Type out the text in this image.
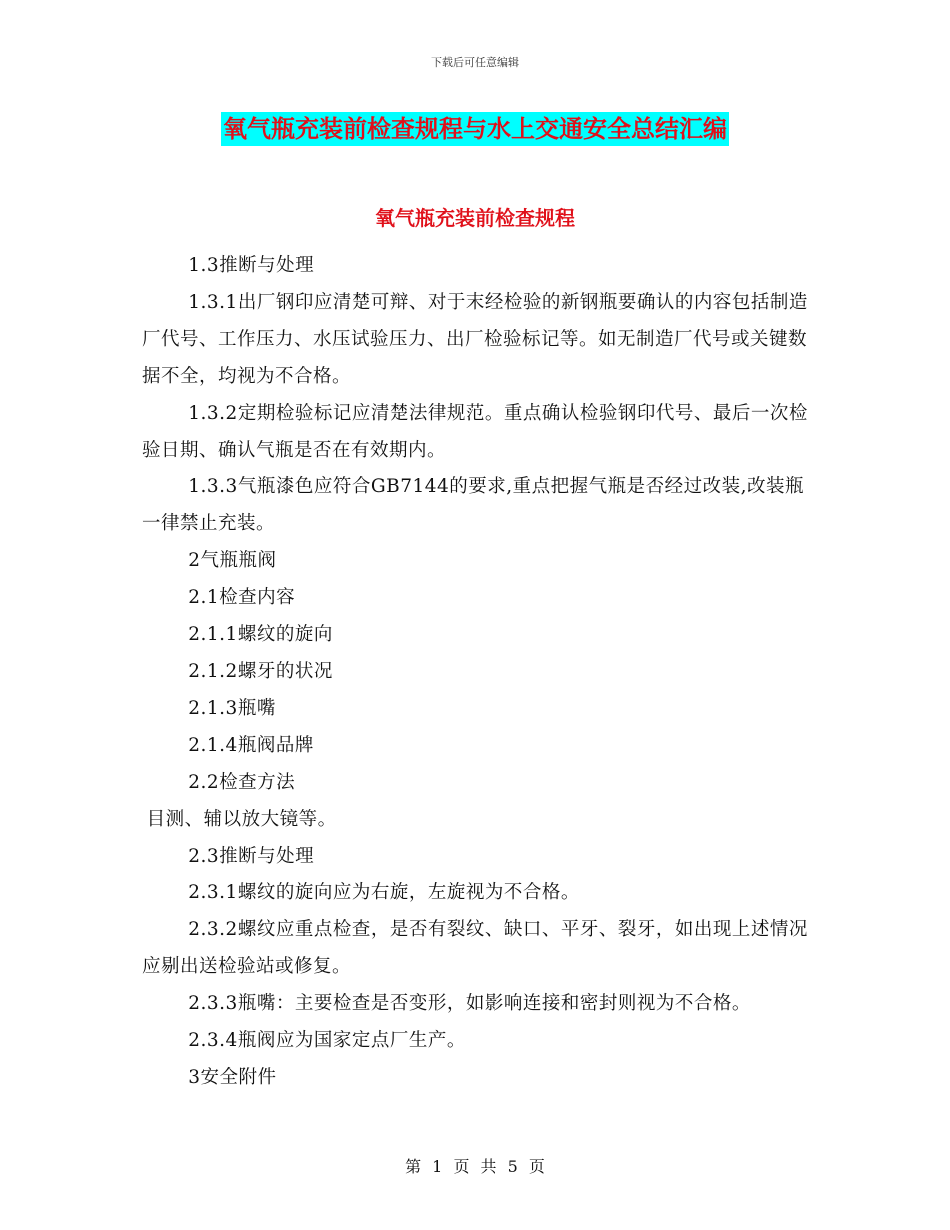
下载后可任意编辑
氧气瓶充装前检查规程与水上交通安全总结汇编
氧气瓶充装前检查规程

1.3推断与处理

1.3.1出厂钢印应清楚可辩、对于末经检验的新钢瓶要确认的内容包括制造厂代号、工作压力、水压试验压力、出厂检验标记等。如无制造厂代号或关键数据不全，均视为不合格。

1.3.2定期检验标记应清楚法律规范。重点确认检验钢印代号、最后一次检验日期、确认气瓶是否在有效期内。

1.3.3气瓶漆色应符合GB7144的要求,重点把握气瓶是否经过改装,改装瓶一律禁止充装。

2气瓶瓶阀

2.1检查内容

2.1.1螺纹的旋向

2.1.2螺牙的状况

2.1.3瓶嘴

2.1.4瓶阀品牌

2.2检查方法

目测、辅以放大镜等。

2.3推断与处理

2.3.1螺纹的旋向应为右旋，左旋视为不合格。

2.3.2螺纹应重点检查，是否有裂纹、缺口、平牙、裂牙，如出现上述情况应剔出送检验站或修复。

2.3.3瓶嘴：主要检查是否变形，如影响连接和密封则视为不合格。

2.3.4瓶阀应为国家定点厂生产。

3安全附件

第 1 页 共 5 页
